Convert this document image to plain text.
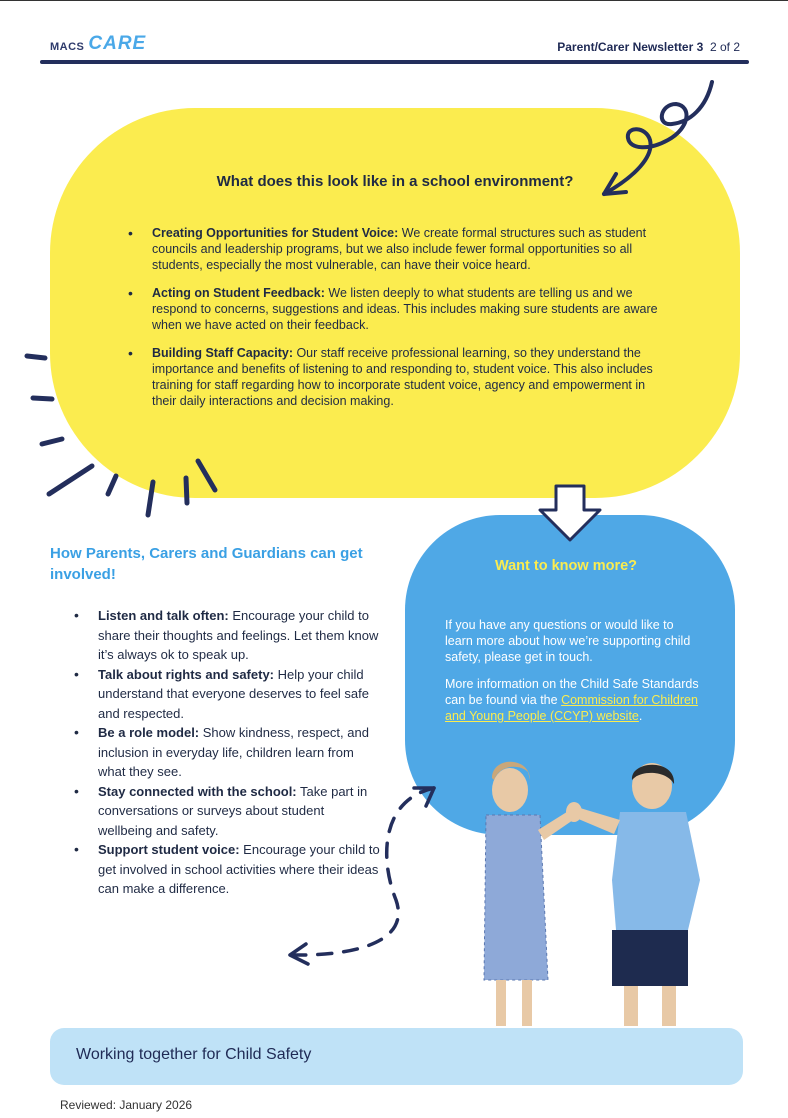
MACS CARE	Parent/Carer Newsletter 3 2 of 2
What does this look like in a school environment?
• Creating Opportunities for Student Voice: We create formal structures such as student councils and leadership programs, but we also include fewer formal opportunities so all students, especially the most vulnerable, can have their voice heard.
• Acting on Student Feedback: We listen deeply to what students are telling us and we respond to concerns, suggestions and ideas. This includes making sure students are aware when we have acted on their feedback.
• Building Staff Capacity: Our staff receive professional learning, so they understand the importance and benefits of listening to and responding to, student voice. This also includes training for staff regarding how to incorporate student voice, agency and empowerment in their daily interactions and decision making.
How Parents, Carers and Guardians can get involved!
• Listen and talk often: Encourage your child to share their thoughts and feelings. Let them know it’s always ok to speak up.
• Talk about rights and safety: Help your child understand that everyone deserves to feel safe and respected.
• Be a role model: Show kindness, respect, and inclusion in everyday life, children learn from what they see.
• Stay connected with the school: Take part in conversations or surveys about student wellbeing and safety.
• Support student voice: Encourage your child to get involved in school activities where their ideas can make a difference.
Want to know more?

If you have any questions or would like to learn more about how we’re supporting child safety, please get in touch.

More information on the Child Safe Standards can be found via the Commission for Children and Young People (CCYP) website.

Working together for Child Safety
Reviewed: January 2026
